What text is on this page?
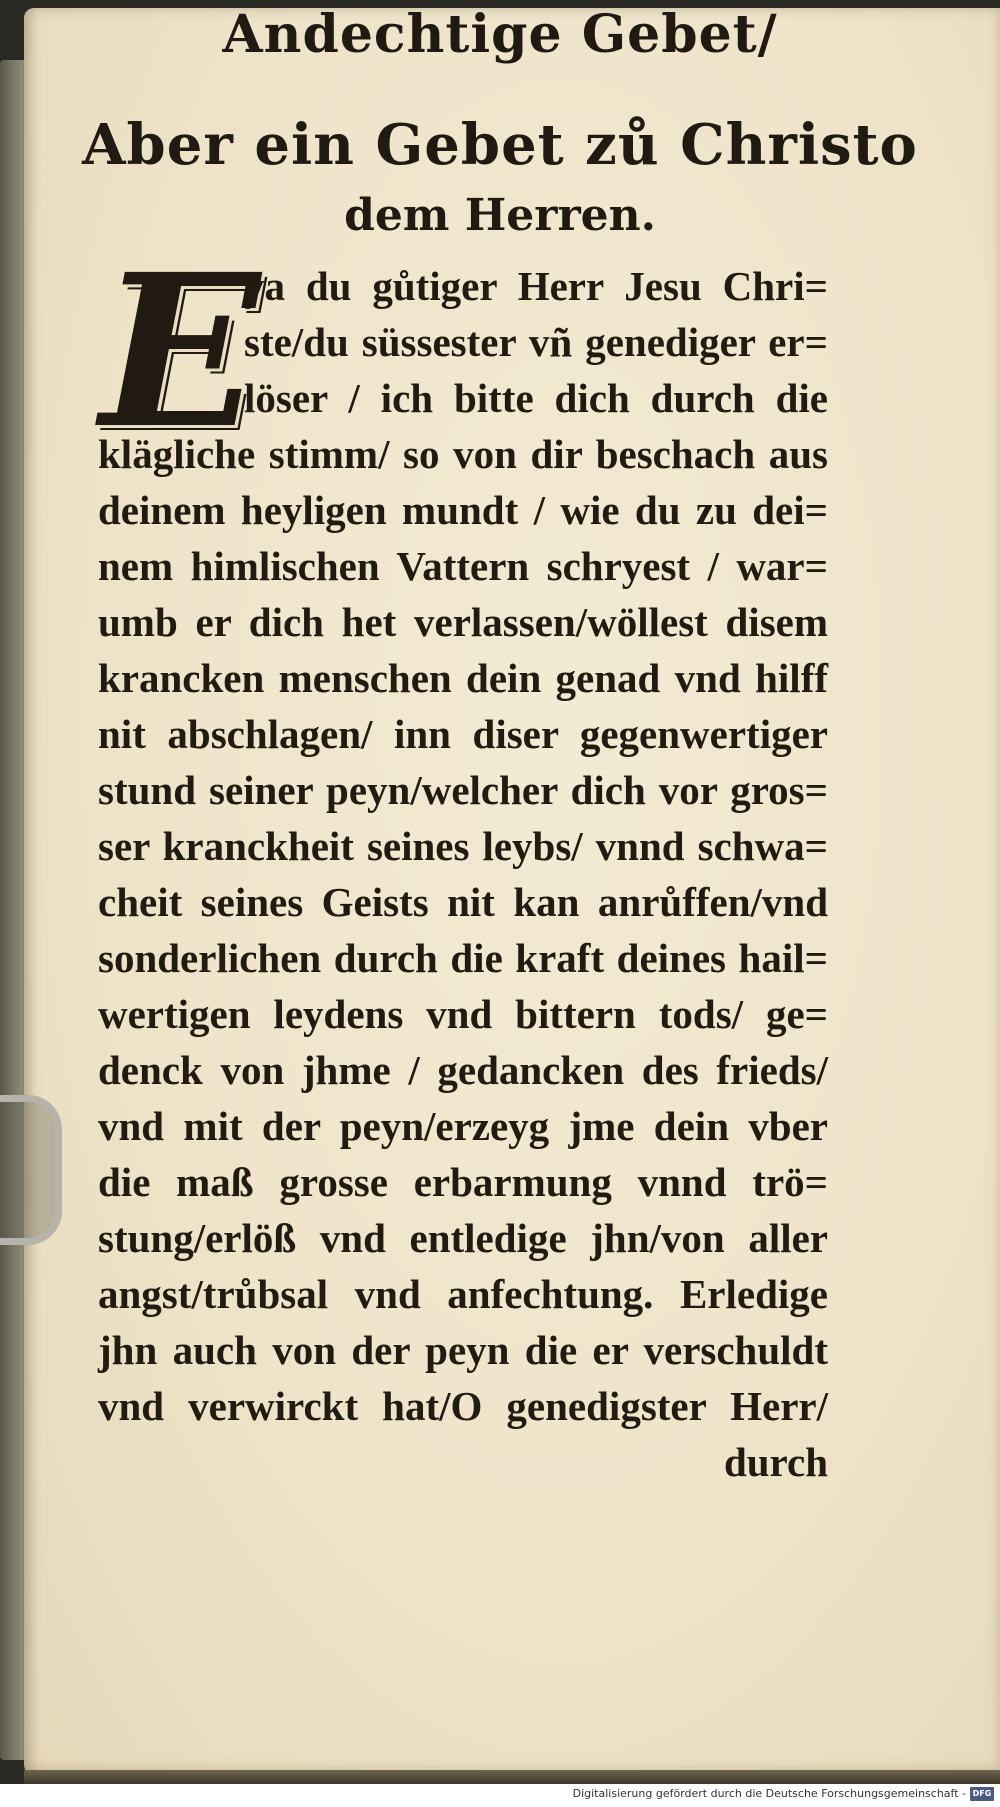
Andechtige Gebet/
Aber ein Gebet zů Christo
dem Herren.
E
ya du gůtiger Herr Jesu Chri=
ste/du süssester vñ genediger er=
löser / ich bitte dich durch die
klägliche stimm/ so von dir beschach aus
deinem heyligen mundt / wie du zu dei=
nem himlischen Vattern schryest / war=
umb er dich het verlassen/wöllest disem
krancken menschen dein genad vnd hilff
nit abschlagen/ inn diser gegenwertiger
stund seiner peyn/welcher dich vor gros=
ser kranckheit seines leybs/ vnnd schwa=
cheit seines Geists nit kan anrůffen/vnd
sonderlichen durch die kraft deines hail=
wertigen leydens vnd bittern tods/ ge=
denck von jhme / gedancken des frieds/
vnd mit der peyn/erzeyg jme dein vber
die maß grosse erbarmung vnnd trö=
stung/erlöß vnd entledige jhn/von aller
angst/trůbsal vnd anfechtung. Erledige
jhn auch von der peyn die er verschuldt
vnd verwirckt hat/O genedigster Herr/
durch
Digitalisierung gefördert durch die Deutsche Forschungsgemeinschaft - DFG
